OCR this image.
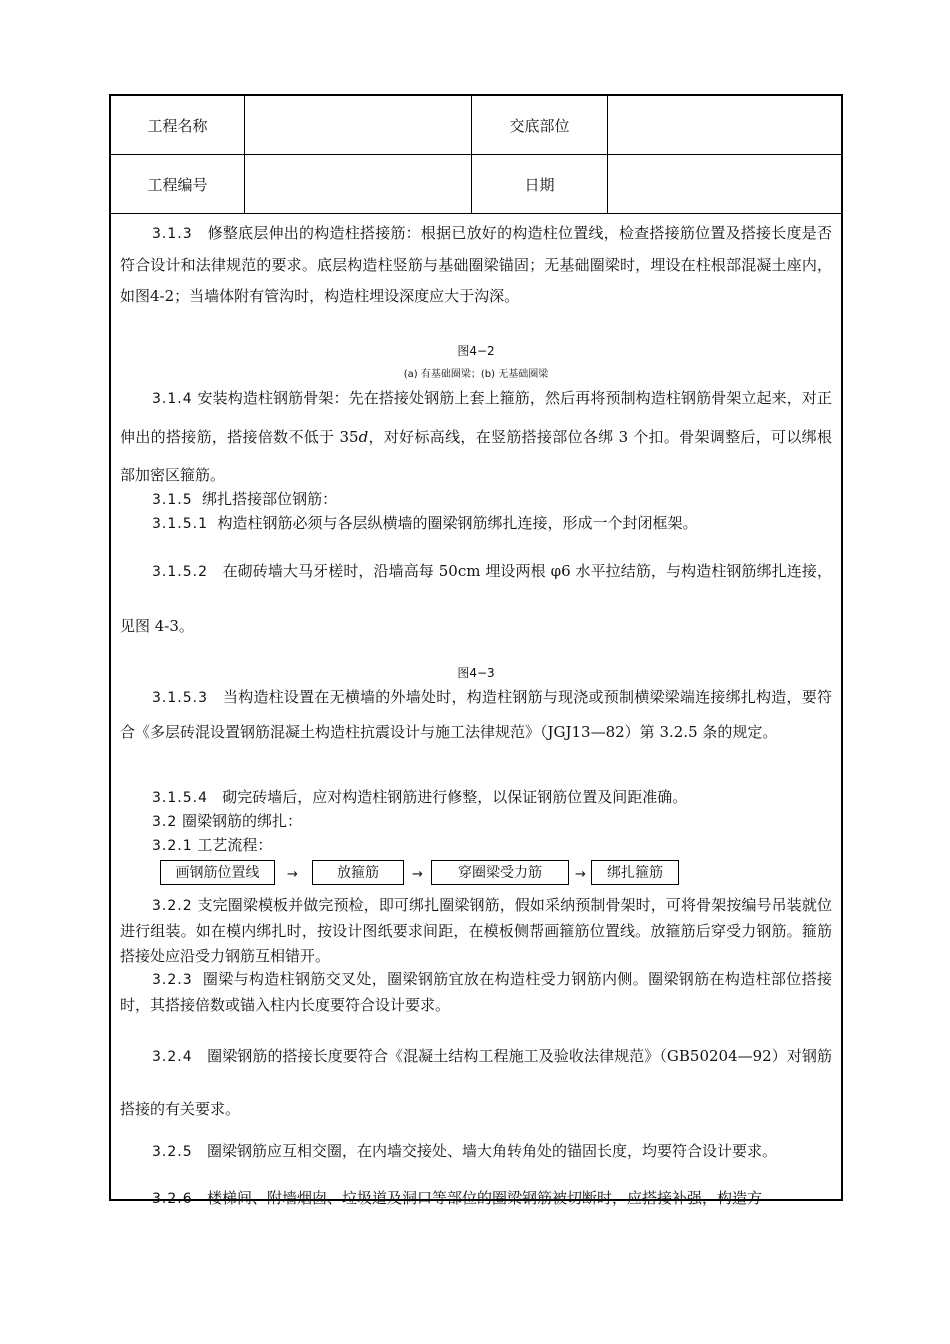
工程名称	交底部位
工程编号	日期
3.1.3 修整底层伸出的构造柱搭接筋：根据已放好的构造柱位置线，检查搭接筋位置及搭接长度是否符合设计和法律规范的要求。底层构造柱竖筋与基础圈梁锚固；无基础圈梁时，埋设在柱根部混凝土座内，如图4-2；当墙体附有管沟时，构造柱埋设深度应大于沟深。
图4−2
(a) 有基础圈梁；(b) 无基础圈梁
3.1.4 安装构造柱钢筋骨架：先在搭接处钢筋上套上箍筋，然后再将预制构造柱钢筋骨架立起来，对正伸出的搭接筋，搭接倍数不低于 35d，对好标高线，在竖筋搭接部位各绑 3 个扣。骨架调整后，可以绑根部加密区箍筋。
3.1.5 绑扎搭接部位钢筋：
3.1.5.1 构造柱钢筋必须与各层纵横墙的圈梁钢筋绑扎连接，形成一个封闭框架。
3.1.5.2 在砌砖墙大马牙槎时，沿墙高每 50cm 埋设两根 φ6 水平拉结筋，与构造柱钢筋绑扎连接，见图 4-3。
图4−3
3.1.5.3 当构造柱设置在无横墙的外墙处时，构造柱钢筋与现浇或预制横梁梁端连接绑扎构造，要符合《多层砖混设置钢筋混凝土构造柱抗震设计与施工法律规范》（JGJ13—82）第 3.2.5 条的规定。
3.1.5.4 砌完砖墙后，应对构造柱钢筋进行修整，以保证钢筋位置及间距准确。
3.2 圈梁钢筋的绑扎：
3.2.1 工艺流程：
画钢筋位置线	→	放箍筋	→	穿圈梁受力筋	→	绑扎箍筋
3.2.2 支完圈梁模板并做完预检，即可绑扎圈梁钢筋，假如采纳预制骨架时，可将骨架按编号吊装就位进行组装。如在模内绑扎时，按设计图纸要求间距，在模板侧帮画箍筋位置线。放箍筋后穿受力钢筋。箍筋搭接处应沿受力钢筋互相错开。
3.2.3 圈梁与构造柱钢筋交叉处，圈梁钢筋宜放在构造柱受力钢筋内侧。圈梁钢筋在构造柱部位搭接时，其搭接倍数或锚入柱内长度要符合设计要求。
3.2.4 圈梁钢筋的搭接长度要符合《混凝土结构工程施工及验收法律规范》（GB50204—92）对钢筋搭接的有关要求。
3.2.5 圈梁钢筋应互相交圈，在内墙交接处、墙大角转角处的锚固长度，均要符合设计要求。
3.2.6 楼梯间、附墙烟囱、垃圾道及洞口等部位的圈梁钢筋被切断时，应搭接补强，构造方
